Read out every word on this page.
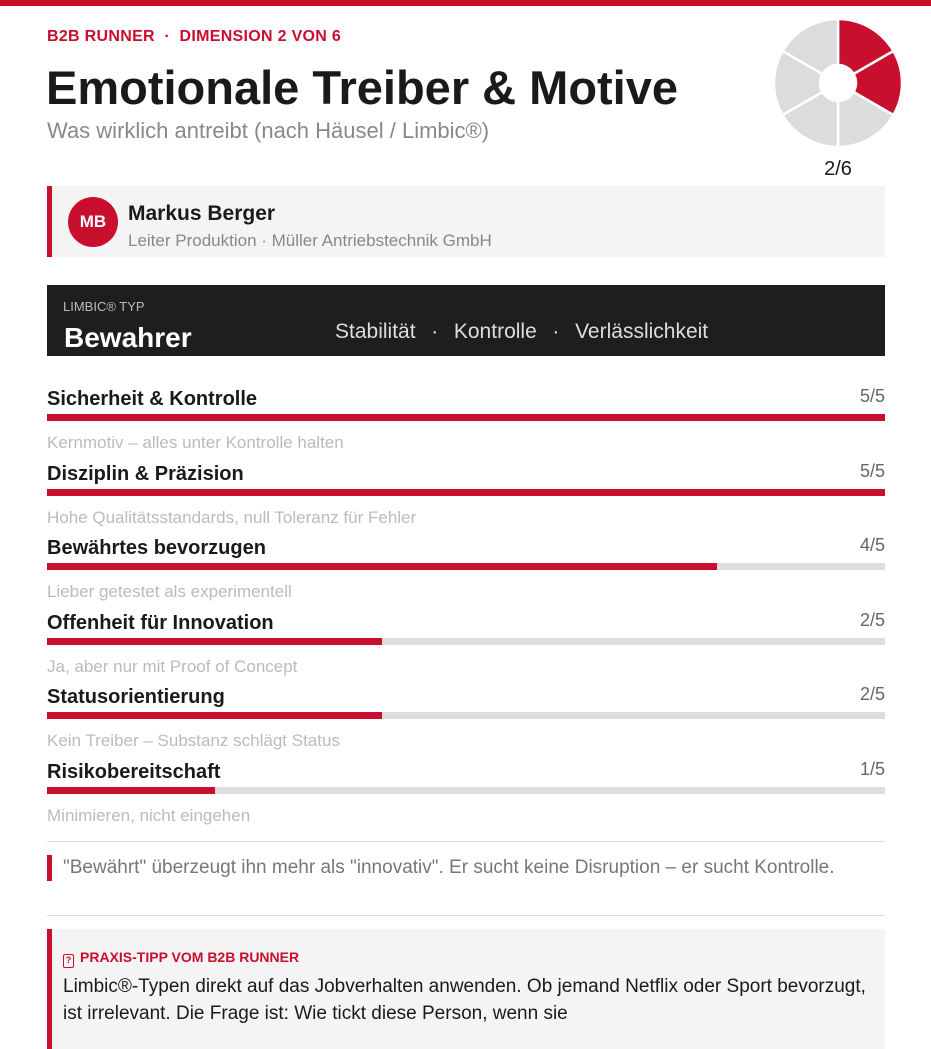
B2B RUNNER  ·  DIMENSION 2 VON 6
Emotionale Treiber & Motive
Was wirklich antreibt (nach Häusel / Limbic®)
2/6
MB	Markus Berger
Leiter Produktion · Müller Antriebstechnik GmbH
LIMBIC® TYP
Bewahrer	Stabilität  ·  Kontrolle  ·  Verlässlichkeit
Sicherheit & Kontrolle	5/5
Kernmotiv – alles unter Kontrolle halten
Disziplin & Präzision	5/5
Hohe Qualitätsstandards, null Toleranz für Fehler
Bewährtes bevorzugen	4/5
Lieber getestet als experimentell
Offenheit für Innovation	2/5
Ja, aber nur mit Proof of Concept
Statusorientierung	2/5
Kein Treiber – Substanz schlägt Status
Risikobereitschaft	1/5
Minimieren, nicht eingehen
"Bewährt" überzeugt ihn mehr als "innovativ". Er sucht keine Disruption – er sucht Kontrolle.
? PRAXIS-TIPP VOM B2B RUNNER
Limbic®-Typen direkt auf das Jobverhalten anwenden. Ob jemand Netflix oder Sport bevorzugt, ist irrelevant. Die Frage ist: Wie tickt diese Person, wenn sie
